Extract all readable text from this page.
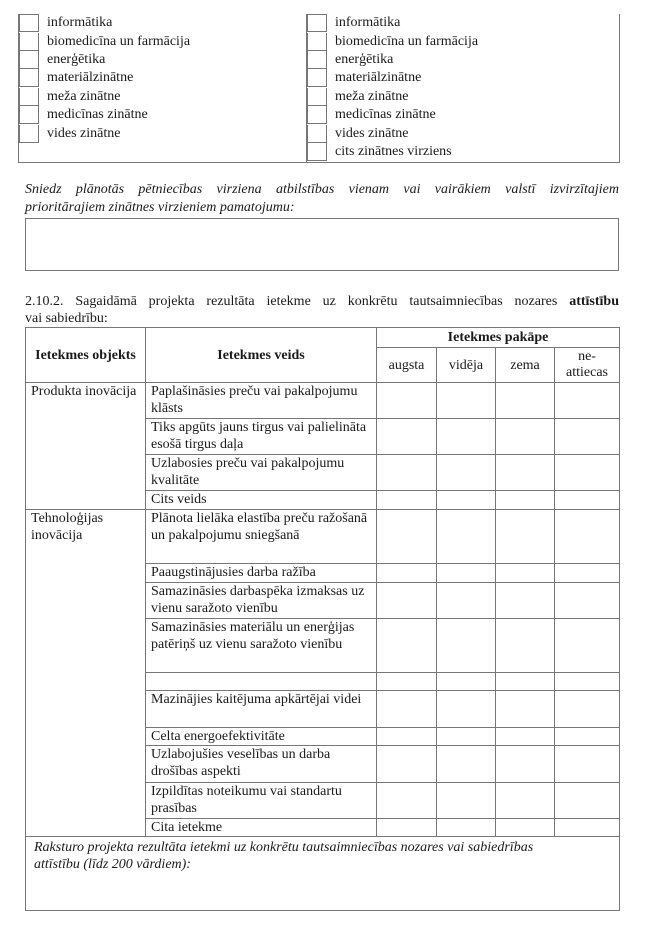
informātika
biomedicīna un farmācija
enerģētika
materiālzinātne
meža zinātne
medicīnas zinātne
vides zinātne
informātika
biomedicīna un farmācija
enerģētika
materiālzinātne
meža zinātne
medicīnas zinātne
vides zinātne
cits zinātnes virziens
Sniedz plānotās pētniecības virziena atbilstības vienam vai vairākiem valstī izvirzītajiem
prioritārajiem zinātnes virzieniem pamatojumu:
2.10.2. Sagaidāmā projekta rezultāta ietekme uz konkrētu tautsaimniecības nozares attīstību
vai sabiedrību:
Ietekmes objekts	Ietekmes veids	Ietekmes pakāpe			
		augsta	vidēja	zema	ne-attiecas
Produkta inovācija	Paplašināsies preču vai pakalpojumu klāsts				
	Tiks apgūts jauns tirgus vai palielināta esošā tirgus daļa				
	Uzlabosies preču vai pakalpojumu kvalitāte				
	Cits veids				
Tehnoloģijas inovācija	Plānota lielāka elastība preču ražošanā un pakalpojumu sniegšanā				
	Paaugstinājusies darba ražība				
	Samazināsies darbaspēka izmaksas uz vienu saražoto vienību				
	Samazināsies materiālu un enerģijas patēriņš uz vienu saražoto vienību				

	Mazinājies kaitējuma apkārtējai videi				
	Celta energoefektivitāte				
	Uzlabojušies veselības un darba drošības aspekti				
	Izpildītas noteikumu vai standartu prasības				
	Cita ietekme				

Raksturo projekta rezultāta ietekmi uz konkrētu tautsaimniecības nozares vai sabiedrības
attīstību (līdz 200 vārdiem):					
